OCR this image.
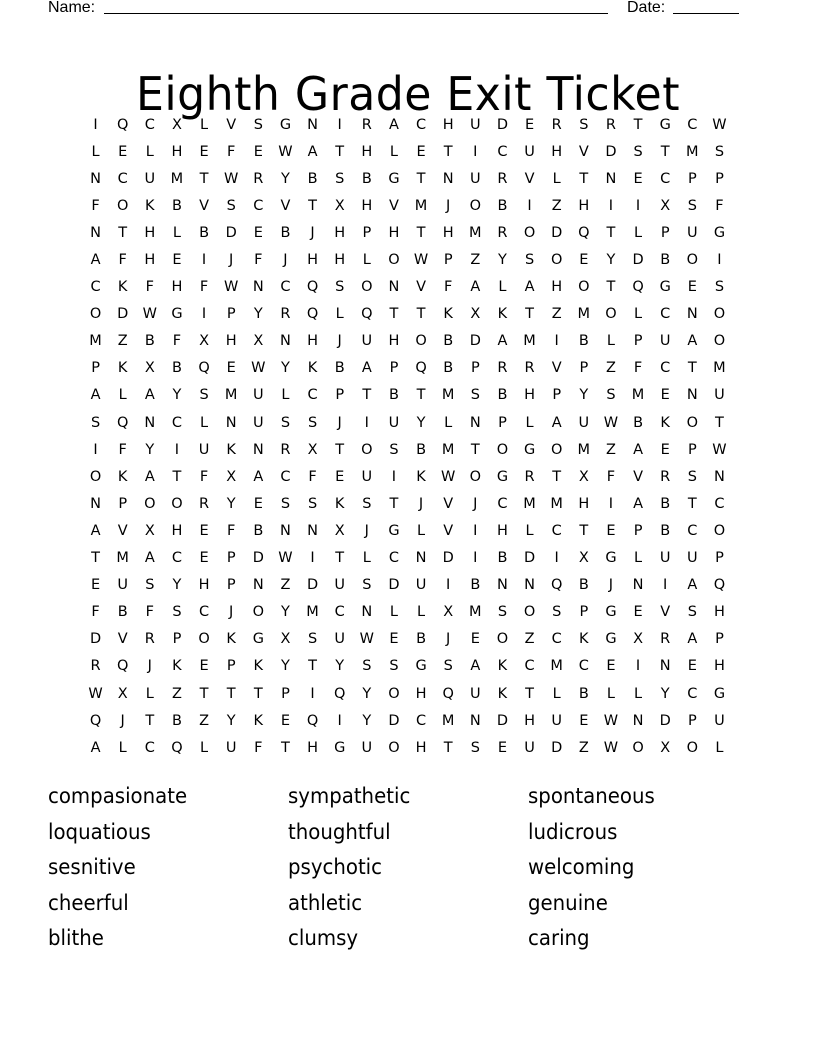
Name:	Date:
Eighth Grade Exit Ticket
I	Q	C	X	L	V	S	G	N	I	R	A	C	H	U	D	E	R	S	R	T	G	C	W
L	E	L	H	E	F	E	W	A	T	H	L	E	T	I	C	U	H	V	D	S	T	M	S
N	C	U	M	T	W	R	Y	B	S	B	G	T	N	U	R	V	L	T	N	E	C	P	P
F	O	K	B	V	S	C	V	T	X	H	V	M	J	O	B	I	Z	H	I	I	X	S	F
N	T	H	L	B	D	E	B	J	H	P	H	T	H	M	R	O	D	Q	T	L	P	U	G
A	F	H	E	I	J	F	J	H	H	L	O W	P	Z	Y	S	O	E	Y	D	B	O	I
C	K	F	H	F	W	N	C	Q	S	O	N	V	F	A	L	A	H	O	T	Q	G	E	S
O	D W G	I	P	Y	R	Q	L	Q	T	T	K	X	K	T	Z	M	O	L	C	N	O
M	Z	B	F	X	H	X	N	H	J	U	H	O	B	D	A	M	I	B	L	P	U	A	O
P	K	X	B	Q	E	W	Y	K	B	A	P	Q	B	P	R	R	V	P	Z	F	C	T	M
A	L	A	Y	S	M	U	L	C	P	T	B	T	M	S	B	H	P	Y	S	M	E	N	U
S	Q	N	C	L	N	U	S	S	J	I	U	Y	L	N	P	L	A	U	W	B	K	O	T
I	F	Y	I	U	K	N	R	X	T	O	S	B	M	T	O	G	O	M	Z	A	E	P	W
O	K	A	T	F	X	A	C	F	E	U	I	K	W O	G	R	T	X	F	V	R	S	N
N	P	O	O	R	Y	E	S	S	K	S	T	J	V	J	C	M	M	H	I	A	B	T	C
A	V	X	H	E	F	B	N	N	X	J	G	L	V	I	H	L	C	T	E	P	B	C	O
T	M	A	C	E	P	D W	I	T	L	C	N	D	I	B	D	I	X	G	L	U	U	P
E	U	S	Y	H	P	N	Z	D	U	S	D	U	I	B	N	N	Q	B	J	N	I	A	Q
F	B	F	S	C	J	O	Y	M	C	N	L	L	X	M	S	O	S	P	G	E	V	S	H
D	V	R	P	O	K	G	X	S	U	W	E	B	J	E	O	Z	C	K	G	X	R	A	P
R	Q	J	K	E	P	K	Y	T	Y	S	S	G	S	A	K	C	M	C	E	I	N	E	H
W	X	L	Z	T	T	T	P	I	Q	Y	O	H	Q	U	K	T	L	B	L	L	Y	C	G
Q	J	T	B	Z	Y	K	E	Q	I	Y	D	C	M	N	D	H	U	E	W	N	D	P	U
A	L	C	Q	L	U	F	T	H	G	U	O	H	T	S	E	U	D	Z	W O	X	O	L
compasionate	sympathetic	spontaneous
loquatious	thoughtful	ludicrous
sesnitive	psychotic	welcoming
cheerful	athletic	genuine
blithe	clumsy	caring
